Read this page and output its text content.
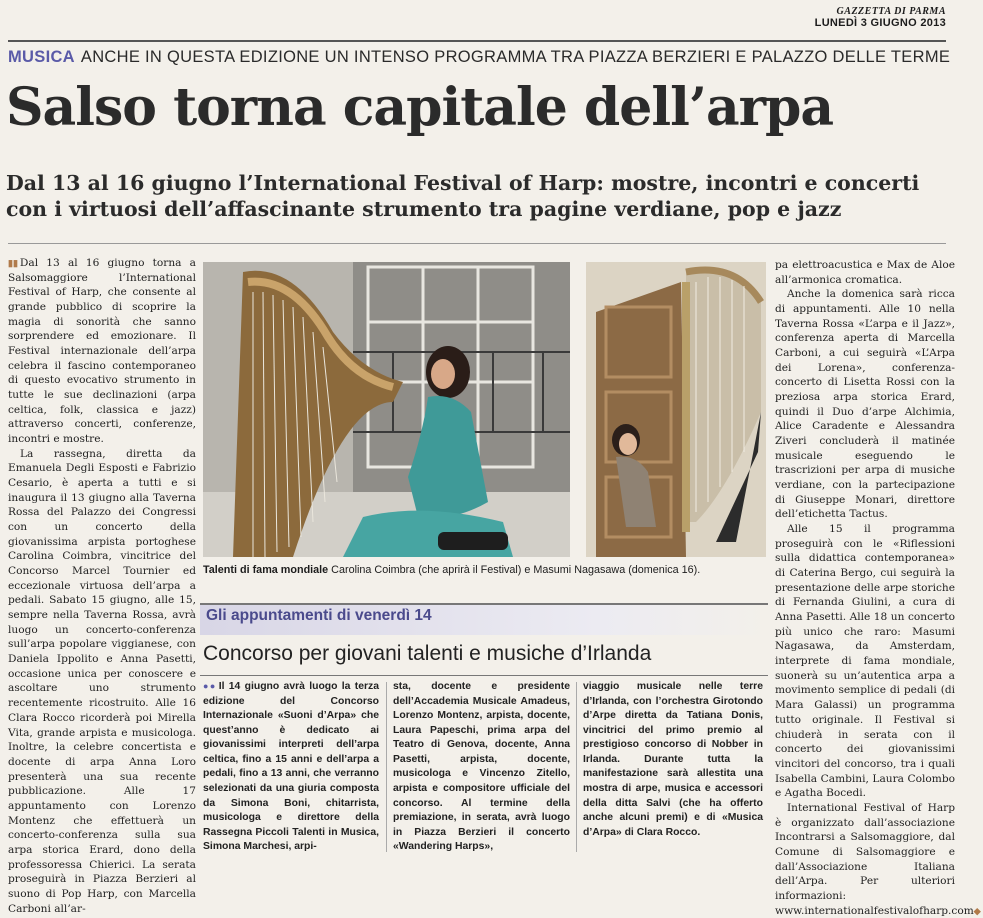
GAZZETTA DI PARMA
LUNEDÌ 3 GIUGNO 2013
MUSICA ANCHE IN QUESTA EDIZIONE UN INTENSO PROGRAMMA TRA PIAZZA BERZIERI E PALAZZO DELLE TERME
Salso torna capitale dell’arpa
Dal 13 al 16 giugno l’International Festival of Harp: mostre, incontri e concerti
con i virtuosi dell’affascinante strumento tra pagine verdiane, pop e jazz

▮▮ Dal 13 al 16 giugno torna a Salsomaggiore l’International Festival of Harp, che consente al grande pubblico di scoprire la magia di sonorità che sanno sorprendere ed emozionare. Il Festival internazionale dell’arpa celebra il fascino contemporaneo di questo evocativo strumento in tutte le sue declinazioni (arpa celtica, folk, classica e jazz) attraverso concerti, conferenze, incontri e mostre.

La rassegna, diretta da Emanuela Degli Esposti e Fabrizio Cesario, è aperta a tutti e si inaugura il 13 giugno alla Taverna Rossa del Palazzo dei Congressi con un concerto della giovanissima arpista portoghese Carolina Coimbra, vincitrice del Concorso Marcel Tournier ed eccezionale virtuosa dell’arpa a pedali. Sabato 15 giugno, alle 15, sempre nella Taverna Rossa, avrà luogo un concerto-conferenza sull’arpa popolare viggianese, con Daniela Ippolito e Anna Pasetti, occasione unica per conoscere e ascoltare uno strumento recentemente ricostruito. Alle 16 Clara Rocco ricorderà poi Mirella Vita, grande arpista e musicologa. Inoltre, la celebre concertista e docente di arpa Anna Loro presenterà una sua recente pubblicazione. Alle 17 appuntamento con Lorenzo Montenz che effettuerà un concerto-conferenza sulla sua arpa storica Erard, dono della professoressa Chierici. La serata proseguirà in Piazza Berzieri al suono di Pop Harp, con Marcella Carboni all’ar-

Talenti di fama mondiale Carolina Coimbra (che aprirà il Festival) e Masumi Nagasawa (domenica 16).
Gli appuntamenti di venerdì 14
Concorso per giovani talenti e musiche d’Irlanda

●● Il 14 giugno avrà luogo la terza edizione del Concorso Internazionale «Suoni d’Arpa» che quest’anno è dedicato ai giovanissimi interpreti dell’arpa celtica, fino a 15 anni e dell’arpa a pedali, fino a 13 anni, che verranno selezionati da una giuria composta da Simona Boni, chitarrista, musicologa e direttore della Rassegna Piccoli Talenti in Musica, Simona Marchesi, arpi-

sta, docente e presidente dell’Accademia Musicale Amadeus, Lorenzo Montenz, arpista, docente, Laura Papeschi, prima arpa del Teatro di Genova, docente, Anna Pasetti, arpista, docente, musicologa e Vincenzo Zitello, arpista e compositore ufficiale del concorso. Al termine della premiazione, in serata, avrà luogo in Piazza Berzieri il concerto «Wandering Harps»,

viaggio musicale nelle terre d’Irlanda, con l’orchestra Girotondo d’Arpe diretta da Tatiana Donis, vincitrici del primo premio al prestigioso concorso di Nobber in Irlanda. Durante tutta la manifestazione sarà allestita una mostra di arpe, musica e accessori della ditta Salvi (che ha offerto anche alcuni premi) e di «Musica d’Arpa» di Clara Rocco.

pa elettroacustica e Max de Aloe all’armonica cromatica.

Anche la domenica sarà ricca di appuntamenti. Alle 10 nella Taverna Rossa «L’arpa e il Jazz», conferenza aperta di Marcella Carboni, a cui seguirà «L’Arpa dei Lorena», conferenza-concerto di Lisetta Rossi con la preziosa arpa storica Erard, quindi il Duo d’arpe Alchimia, Alice Caradente e Alessandra Ziveri concluderà il matinée musicale eseguendo le trascrizioni per arpa di musiche verdiane, con la partecipazione di Giuseppe Monari, direttore dell’etichetta Tactus.

Alle 15 il programma proseguirà con le «Riflessioni sulla didattica contemporanea» di Caterina Bergo, cui seguirà la presentazione delle arpe storiche di Fernanda Giulini, a cura di Anna Pasetti. Alle 18 un concerto più unico che raro: Masumi Nagasawa, da Amsterdam, interprete di fama mondiale, suonerà su un’autentica arpa a movimento semplice di pedali (di Mara Galassi) un programma tutto originale. Il Festival si chiuderà in serata con il concerto dei giovanissimi vincitori del concorso, tra i quali Isabella Cambini, Laura Colombo e Agatha Bocedi.

International Festival of Harp è organizzato dall’associazione Incontrarsi a Salsomaggiore, dal Comune di Salsomaggiore e dall’Associazione Italiana dell’Arpa. Per ulteriori informazioni: www.internationalfestivalofharp.com◆
